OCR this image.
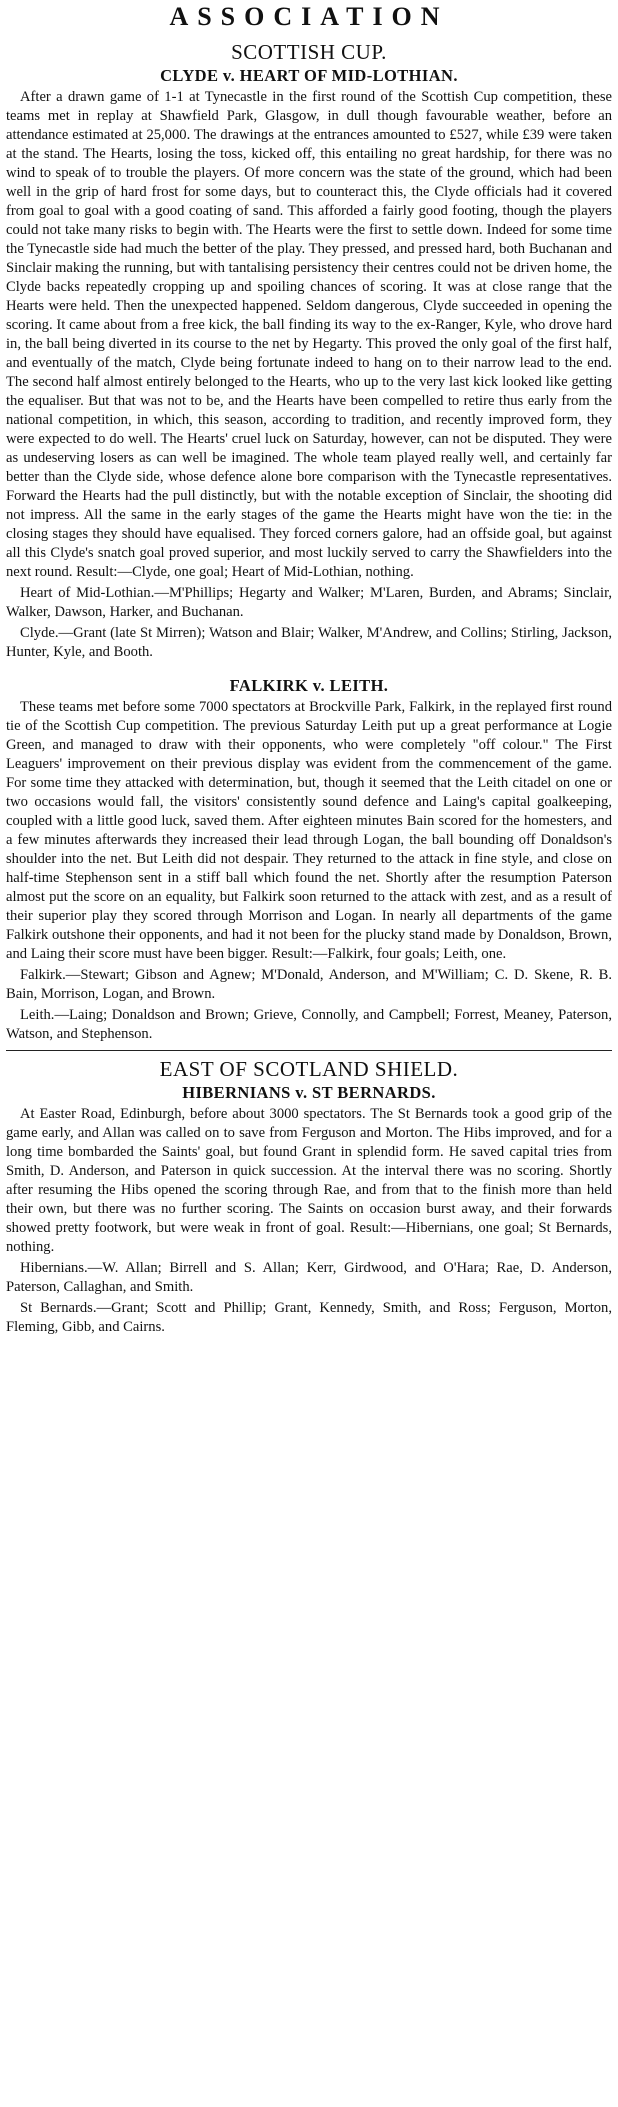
ASSOCIATION
SCOTTISH CUP.
CLYDE v. HEART OF MID-LOTHIAN.

After a drawn game of 1-1 at Tynecastle in the first round of the Scottish Cup competition, these teams met in replay at Shawfield Park, Glasgow, in dull though favourable weather, before an attendance estimated at 25,000. The drawings at the entrances amounted to £527, while £39 were taken at the stand. The Hearts, losing the toss, kicked off, this entailing no great hardship, for there was no wind to speak of to trouble the players. Of more concern was the state of the ground, which had been well in the grip of hard frost for some days, but to counteract this, the Clyde officials had it covered from goal to goal with a good coating of sand. This afforded a fairly good footing, though the players could not take many risks to begin with. The Hearts were the first to settle down. Indeed for some time the Tynecastle side had much the better of the play. They pressed, and pressed hard, both Buchanan and Sinclair making the running, but with tantalising persistency their centres could not be driven home, the Clyde backs repeatedly cropping up and spoiling chances of scoring. It was at close range that the Hearts were held. Then the unexpected happened. Seldom dangerous, Clyde succeeded in opening the scoring. It came about from a free kick, the ball finding its way to the ex-Ranger, Kyle, who drove hard in, the ball being diverted in its course to the net by Hegarty. This proved the only goal of the first half, and eventually of the match, Clyde being fortunate indeed to hang on to their narrow lead to the end. The second half almost entirely belonged to the Hearts, who up to the very last kick looked like getting the equaliser. But that was not to be, and the Hearts have been compelled to retire thus early from the national competition, in which, this season, according to tradition, and recently improved form, they were expected to do well. The Hearts' cruel luck on Saturday, however, can not be disputed. They were as undeserving losers as can well be imagined. The whole team played really well, and certainly far better than the Clyde side, whose defence alone bore comparison with the Tynecastle representatives. Forward the Hearts had the pull distinctly, but with the notable exception of Sinclair, the shooting did not impress. All the same in the early stages of the game the Hearts might have won the tie: in the closing stages they should have equalised. They forced corners galore, had an offside goal, but against all this Clyde's snatch goal proved superior, and most luckily served to carry the Shawfielders into the next round. Result:—Clyde, one goal; Heart of Mid-Lothian, nothing.

Heart of Mid-Lothian.—M'Phillips; Hegarty and Walker; M'Laren, Burden, and Abrams; Sinclair, Walker, Dawson, Harker, and Buchanan.

Clyde.—Grant (late St Mirren); Watson and Blair; Walker, M'Andrew, and Collins; Stirling, Jackson, Hunter, Kyle, and Booth.

FALKIRK v. LEITH.

These teams met before some 7000 spectators at Brockville Park, Falkirk, in the replayed first round tie of the Scottish Cup competition. The previous Saturday Leith put up a great performance at Logie Green, and managed to draw with their opponents, who were completely "off colour." The First Leaguers' improvement on their previous display was evident from the commencement of the game. For some time they attacked with determination, but, though it seemed that the Leith citadel on one or two occasions would fall, the visitors' consistently sound defence and Laing's capital goalkeeping, coupled with a little good luck, saved them. After eighteen minutes Bain scored for the homesters, and a few minutes afterwards they increased their lead through Logan, the ball bounding off Donaldson's shoulder into the net. But Leith did not despair. They returned to the attack in fine style, and close on half-time Stephenson sent in a stiff ball which found the net. Shortly after the resumption Paterson almost put the score on an equality, but Falkirk soon returned to the attack with zest, and as a result of their superior play they scored through Morrison and Logan. In nearly all departments of the game Falkirk outshone their opponents, and had it not been for the plucky stand made by Donaldson, Brown, and Laing their score must have been bigger. Result:—Falkirk, four goals; Leith, one.

Falkirk.—Stewart; Gibson and Agnew; M'Donald, Anderson, and M'William; C. D. Skene, R. B. Bain, Morrison, Logan, and Brown.

Leith.—Laing; Donaldson and Brown; Grieve, Connolly, and Campbell; Forrest, Meaney, Paterson, Watson, and Stephenson.

EAST OF SCOTLAND SHIELD.
HIBERNIANS v. ST BERNARDS.

At Easter Road, Edinburgh, before about 3000 spectators. The St Bernards took a good grip of the game early, and Allan was called on to save from Ferguson and Morton. The Hibs improved, and for a long time bombarded the Saints' goal, but found Grant in splendid form. He saved capital tries from Smith, D. Anderson, and Paterson in quick succession. At the interval there was no scoring. Shortly after resuming the Hibs opened the scoring through Rae, and from that to the finish more than held their own, but there was no further scoring. The Saints on occasion burst away, and their forwards showed pretty footwork, but were weak in front of goal. Result:—Hibernians, one goal; St Bernards, nothing.

Hibernians.—W. Allan; Birrell and S. Allan; Kerr, Girdwood, and O'Hara; Rae, D. Anderson, Paterson, Callaghan, and Smith.

St Bernards.—Grant; Scott and Phillip; Grant, Kennedy, Smith, and Ross; Ferguson, Morton, Fleming, Gibb, and Cairns.
